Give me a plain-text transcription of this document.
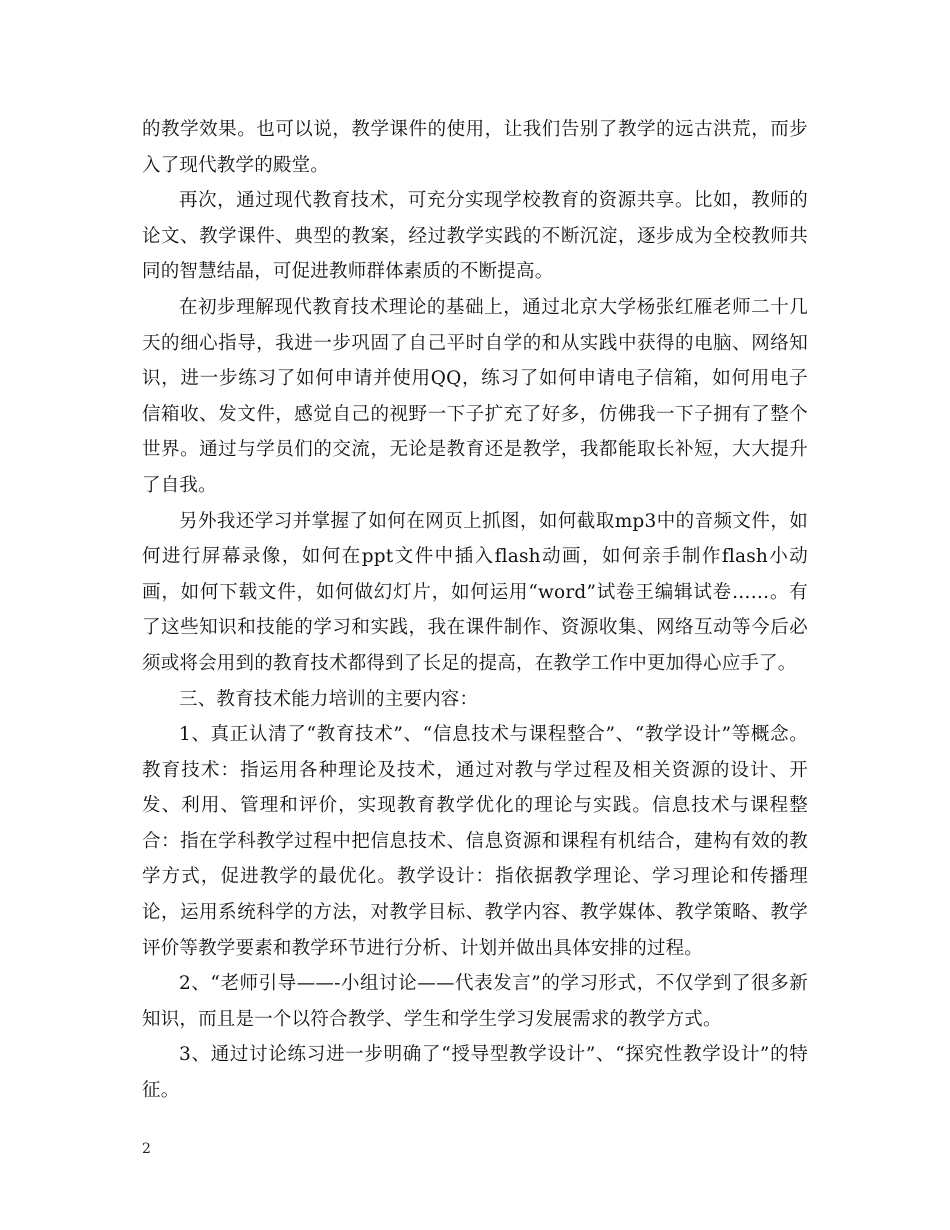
的教学效果。也可以说，教学课件的使用，让我们告别了教学的远古洪荒，而步入了现代教学的殿堂。

再次，通过现代教育技术，可充分实现学校教育的资源共享。比如，教师的论文、教学课件、典型的教案，经过教学实践的不断沉淀，逐步成为全校教师共同的智慧结晶，可促进教师群体素质的不断提高。

在初步理解现代教育技术理论的基础上，通过北京大学杨张红雁老师二十几天的细心指导，我进一步巩固了自己平时自学的和从实践中获得的电脑、网络知识，进一步练习了如何申请并使用QQ，练习了如何申请电子信箱，如何用电子信箱收、发文件，感觉自己的视野一下子扩充了好多，仿佛我一下子拥有了整个世界。通过与学员们的交流，无论是教育还是教学，我都能取长补短，大大提升了自我。

另外我还学习并掌握了如何在网页上抓图，如何截取mp3中的音频文件，如何进行屏幕录像，如何在ppt文件中插入flash动画，如何亲手制作flash小动画，如何下载文件，如何做幻灯片，如何运用“word”试卷王编辑试卷……。有了这些知识和技能的学习和实践，我在课件制作、资源收集、网络互动等今后必须或将会用到的教育技术都得到了长足的提高，在教学工作中更加得心应手了。

三、教育技术能力培训的主要内容：

1、真正认清了“教育技术”、“信息技术与课程整合”、“教学设计”等概念。教育技术：指运用各种理论及技术，通过对教与学过程及相关资源的设计、开发、利用、管理和评价，实现教育教学优化的理论与实践。信息技术与课程整合：指在学科教学过程中把信息技术、信息资源和课程有机结合，建构有效的教学方式，促进教学的最优化。教学设计：指依据教学理论、学习理论和传播理论，运用系统科学的方法，对教学目标、教学内容、教学媒体、教学策略、教学评价等教学要素和教学环节进行分析、计划并做出具体安排的过程。

2、“老师引导——-小组讨论——代表发言”的学习形式，不仅学到了很多新知识，而且是一个以符合教学、学生和学生学习发展需求的教学方式。

3、通过讨论练习进一步明确了“授导型教学设计”、“探究性教学设计”的特征。

2
